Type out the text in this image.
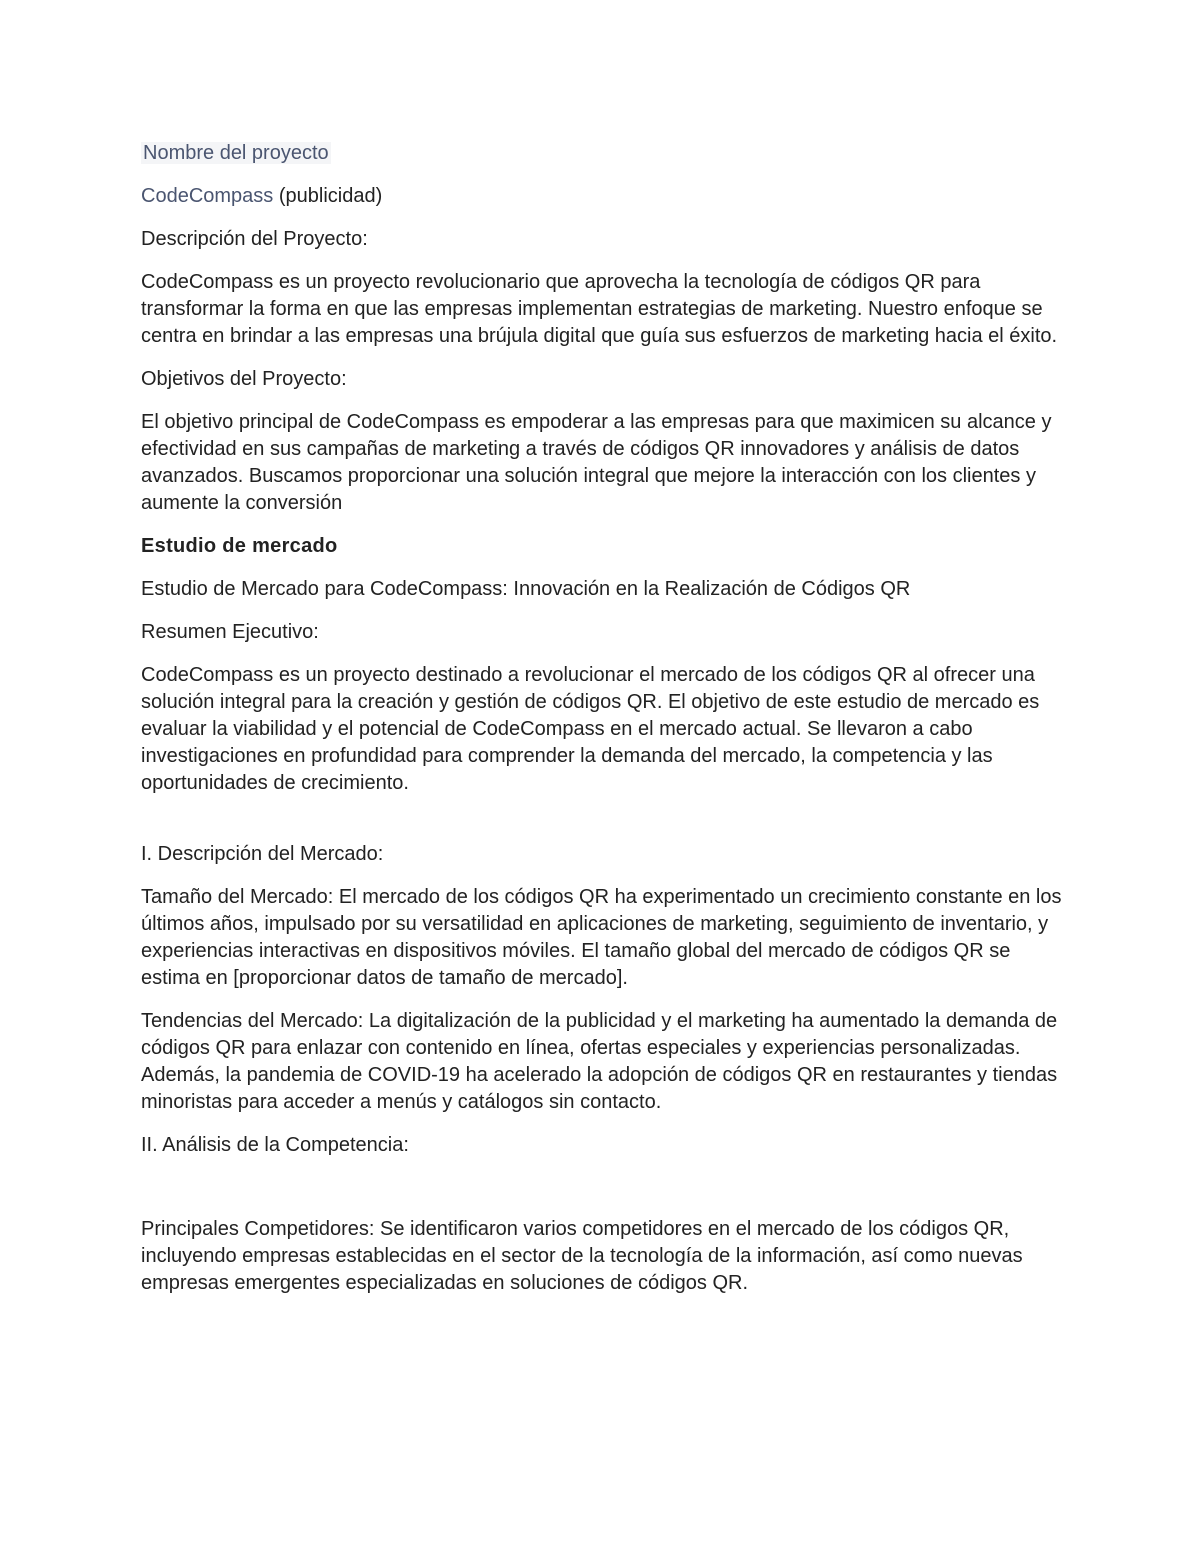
Nombre del proyecto

CodeCompass (publicidad)

Descripción del Proyecto:

CodeCompass es un proyecto revolucionario que aprovecha la tecnología de códigos QR para transformar la forma en que las empresas implementan estrategias de marketing. Nuestro enfoque se centra en brindar a las empresas una brújula digital que guía sus esfuerzos de marketing hacia el éxito.

Objetivos del Proyecto:

El objetivo principal de CodeCompass es empoderar a las empresas para que maximicen su alcance y efectividad en sus campañas de marketing a través de códigos QR innovadores y análisis de datos avanzados. Buscamos proporcionar una solución integral que mejore la interacción con los clientes y aumente la conversión

Estudio de mercado

Estudio de Mercado para CodeCompass: Innovación en la Realización de Códigos QR

Resumen Ejecutivo:

CodeCompass es un proyecto destinado a revolucionar el mercado de los códigos QR al ofrecer una solución integral para la creación y gestión de códigos QR. El objetivo de este estudio de mercado es evaluar la viabilidad y el potencial de CodeCompass en el mercado actual. Se llevaron a cabo investigaciones en profundidad para comprender la demanda del mercado, la competencia y las oportunidades de crecimiento.

I. Descripción del Mercado:

Tamaño del Mercado: El mercado de los códigos QR ha experimentado un crecimiento constante en los últimos años, impulsado por su versatilidad en aplicaciones de marketing, seguimiento de inventario, y experiencias interactivas en dispositivos móviles. El tamaño global del mercado de códigos QR se estima en [proporcionar datos de tamaño de mercado].

Tendencias del Mercado: La digitalización de la publicidad y el marketing ha aumentado la demanda de códigos QR para enlazar con contenido en línea, ofertas especiales y experiencias personalizadas. Además, la pandemia de COVID-19 ha acelerado la adopción de códigos QR en restaurantes y tiendas minoristas para acceder a menús y catálogos sin contacto.

II. Análisis de la Competencia:

Principales Competidores: Se identificaron varios competidores en el mercado de los códigos QR, incluyendo empresas establecidas en el sector de la tecnología de la información, así como nuevas empresas emergentes especializadas en soluciones de códigos QR.
